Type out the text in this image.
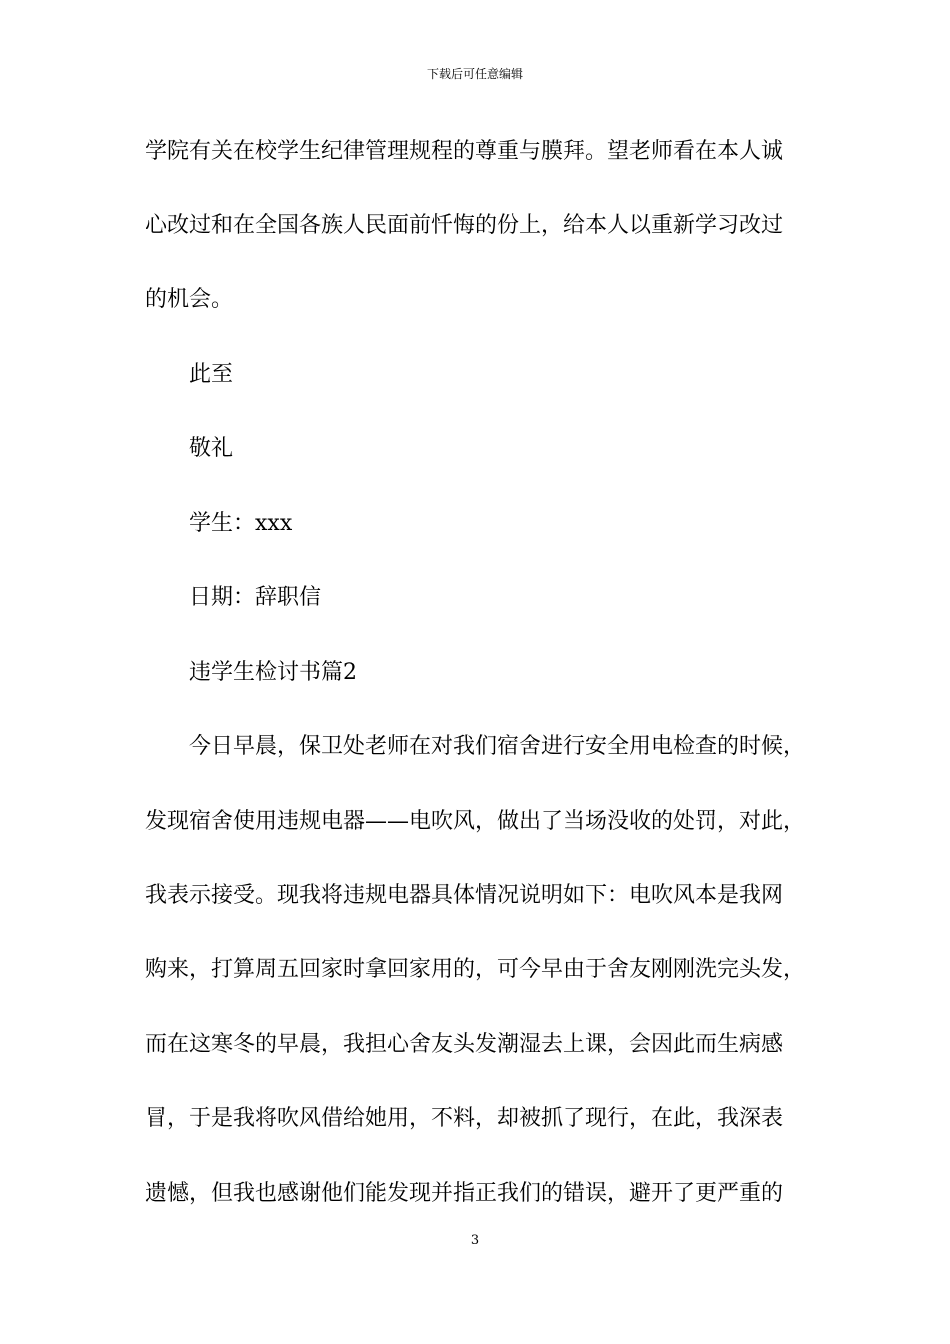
下载后可任意编辑
学院有关在校学生纪律管理规程的尊重与膜拜。望老师看在本人诚
心改过和在全国各族人民面前忏悔的份上，给本人以重新学习改过
的机会。
此至
敬礼
学生：xxx
日期：辞职信
违学生检讨书篇2
今日早晨，保卫处老师在对我们宿舍进行安全用电检查的时候，
发现宿舍使用违规电器——电吹风，做出了当场没收的处罚，对此，
我表示接受。现我将违规电器具体情况说明如下：电吹风本是我网
购来，打算周五回家时拿回家用的，可今早由于舍友刚刚洗完头发，
而在这寒冬的早晨，我担心舍友头发潮湿去上课，会因此而生病感
冒，于是我将吹风借给她用，不料，却被抓了现行，在此，我深表
遗憾，但我也感谢他们能发现并指正我们的错误，避开了更严重的
3
